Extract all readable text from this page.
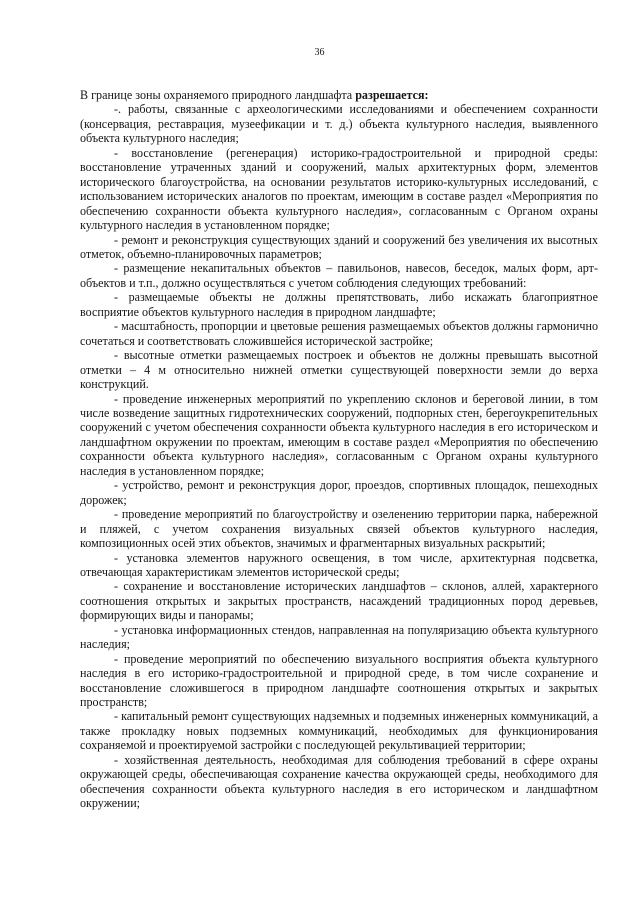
36

В границе зоны охраняемого природного ландшафта разрешается:

-. работы, связанные с археологическими исследованиями и обеспечением сохранности (консервация, реставрация, музеефикации и т. д.) объекта культурного наследия, выявленного объекта культурного наследия;

- восстановление (регенерация) историко-градостроительной и природной среды: восстановление утраченных зданий и сооружений, малых архитектурных форм, элементов исторического благоустройства, на основании результатов историко-культурных исследований, с использованием исторических аналогов по проектам, имеющим в составе раздел «Мероприятия по обеспечению сохранности объекта культурного наследия», согласованным с Органом охраны культурного наследия в установленном порядке;

- ремонт и реконструкция существующих зданий и сооружений без увеличения их высотных отметок, объемно-планировочных параметров;

- размещение некапитальных объектов – павильонов, навесов, беседок, малых форм, арт-объектов и т.п., должно осуществляться с учетом соблюдения следующих требований:

- размещаемые объекты не должны препятствовать, либо искажать благоприятное восприятие объектов культурного наследия в природном ландшафте;

- масштабность, пропорции и цветовые решения размещаемых объектов должны гармонично сочетаться и соответствовать сложившейся исторической застройке;

- высотные отметки размещаемых построек и объектов не должны превышать высотной отметки – 4 м относительно нижней отметки существующей поверхности земли до верха конструкций.

- проведение инженерных мероприятий по укреплению склонов и береговой линии, в том числе возведение защитных гидротехнических сооружений, подпорных стен, берегоукрепительных сооружений с учетом обеспечения сохранности объекта культурного наследия в его историческом и ландшафтном окружении по проектам, имеющим в составе раздел «Мероприятия по обеспечению сохранности объекта культурного наследия», согласованным с Органом охраны культурного наследия в установленном порядке;

- устройство, ремонт и реконструкция дорог, проездов, спортивных площадок, пешеходных дорожек;

- проведение мероприятий по благоустройству и озеленению территории парка, набережной и пляжей, с учетом сохранения визуальных связей объектов культурного наследия, композиционных осей этих объектов, значимых и фрагментарных визуальных раскрытий;

- установка элементов наружного освещения, в том числе, архитектурная подсветка, отвечающая характеристикам элементов исторической среды;

- сохранение и восстановление исторических ландшафтов – склонов, аллей, характерного соотношения открытых и закрытых пространств, насаждений традиционных пород деревьев, формирующих виды и панорамы;

- установка информационных стендов, направленная на популяризацию объекта культурного наследия;

- проведение мероприятий по обеспечению визуального восприятия объекта культурного наследия в его историко-градостроительной и природной среде, в том числе сохранение и восстановление сложившегося в природном ландшафте соотношения открытых и закрытых пространств;

- капитальный ремонт существующих надземных и подземных инженерных коммуникаций, а также прокладку новых подземных коммуникаций, необходимых для функционирования сохраняемой и проектируемой застройки с последующей рекультивацией территории;

- хозяйственная деятельность, необходимая для соблюдения требований в сфере охраны окружающей среды, обеспечивающая сохранение качества окружающей среды, необходимого для обеспечения сохранности объекта культурного наследия в его историческом и ландшафтном окружении;
